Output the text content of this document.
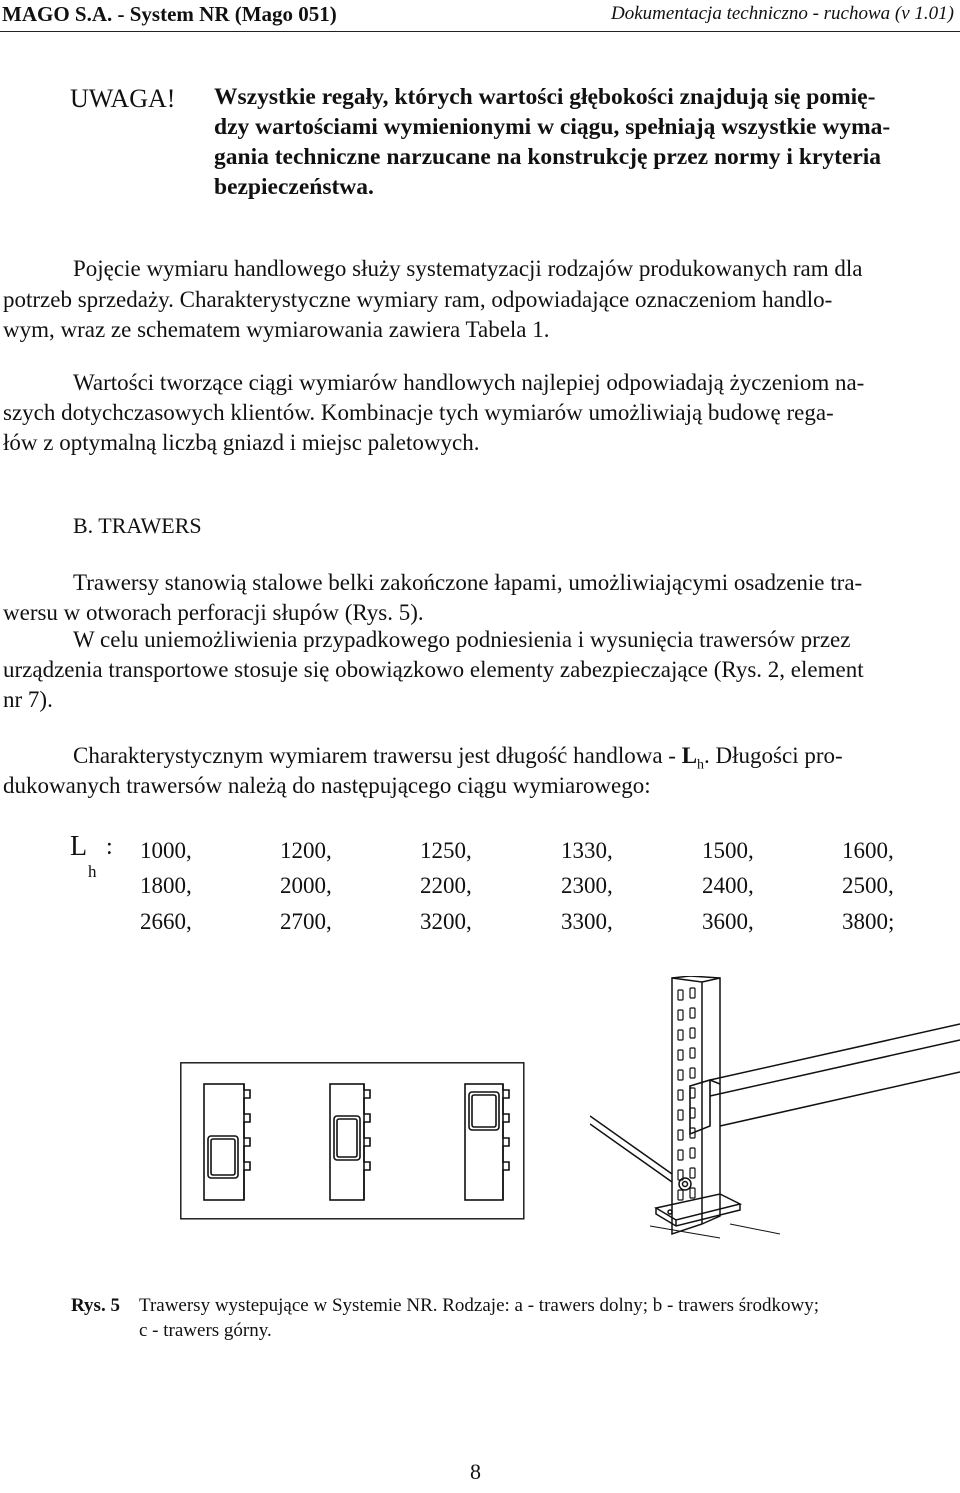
MAGO S.A. - System NR (Mago 051)	Dokumentacja techniczno - ruchowa (v 1.01)
UWAGA! Wszystkie regały, których wartości głębokości znajdują się pomię-
dzy wartościami wymienionymi w ciągu, spełniają wszystkie wyma-
gania techniczne narzucane na konstrukcję przez normy i kryteria
bezpieczeństwa.
Pojęcie wymiaru handlowego służy systematyzacji rodzajów produkowanych ram dla
potrzeb sprzedaży. Charakterystyczne wymiary ram, odpowiadające oznaczeniom handlo-
wym, wraz ze schematem wymiarowania zawiera Tabela 1.
Wartości tworzące ciągi wymiarów handlowych najlepiej odpowiadają życzeniom na-
szych dotychczasowych klientów. Kombinacje tych wymiarów umożliwiają budowę rega-
łów z optymalną liczbą gniazd i miejsc paletowych.
B. TRAWERS
Trawersy stanowią stalowe belki zakończone łapami, umożliwiającymi osadzenie tra-
wersu w otworach perforacji słupów (Rys. 5).
W celu uniemożliwienia przypadkowego podniesienia i wysunięcia trawersów przez
urządzenia transportowe stosuje się obowiązkowo elementy zabezpieczające (Rys. 2, element
nr 7).
Charakterystycznym wymiarem trawersu jest długość handlowa - $L_h$. Długości pro-
dukowanych trawersów należą do następującego ciągu wymiarowego:
L
h
: 1000,	1200,	1250,	1330,	1500,	1600,
1800,	2000,	2200,	2300,	2400,	2500,
2660,	2700,	3200,	3300,	3600,	3800;
Rys. 5 Trawersy wystepujące w Systemie NR. Rodzaje: a - trawers dolny; b - trawers środkowy;
c - trawers górny.
8
